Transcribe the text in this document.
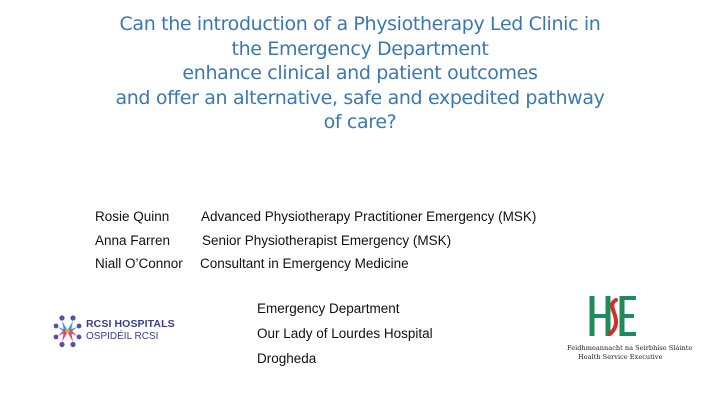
Can the introduction of a Physiotherapy Led Clinic in
the Emergency Department
enhance clinical and patient outcomes
and offer an alternative, safe and expedited pathway
of care?
Rosie Quinn	Advanced Physiotherapy Practitioner Emergency (MSK)
Anna Farren	Senior Physiotherapist Emergency (MSK)
Niall O’Connor	Consultant in Emergency Medicine
Emergency Department
Our Lady of Lourdes Hospital
Drogheda
RCSI HOSPITALS
OSPIDÉIL RCSI
Feidhmeannacht na Seirbhíse Sláinte
Health Service Executive
